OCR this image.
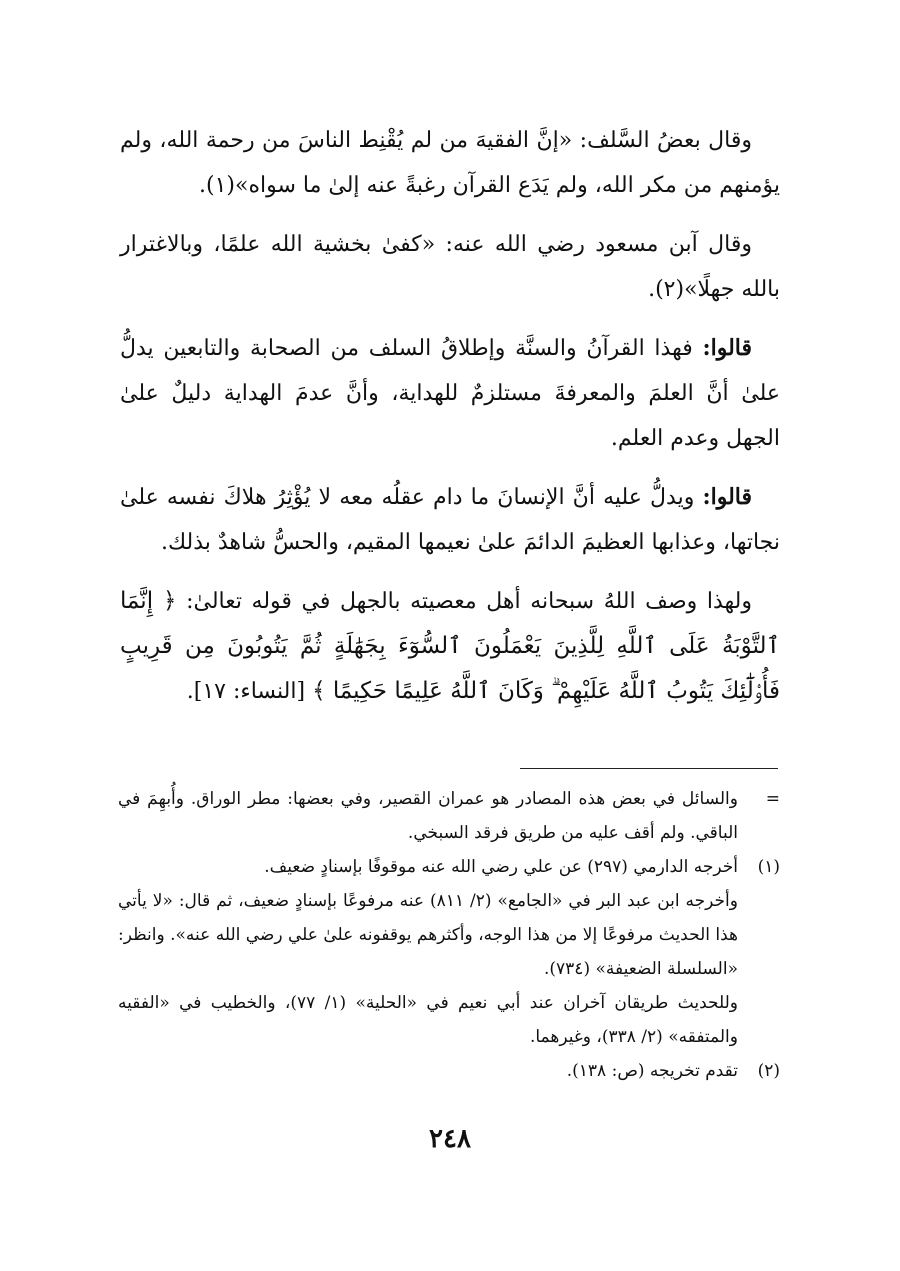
وقال بعضُ السَّلف: «إنَّ الفقيهَ من لم يُقْنِط الناسَ من رحمة الله، ولم يؤمنهم من مكر الله، ولم يَدَع القرآن رغبةً عنه إلىٰ ما سواه»(١).

وقال آبن مسعود رضي الله عنه: «كفىٰ بخشية الله علمًا، وبالاغترار بالله جهلًا»(٢).

قالوا: فهذا القرآنُ والسنَّة وإطلاقُ السلف من الصحابة والتابعين يدلُّ علىٰ أنَّ العلمَ والمعرفةَ مستلزمٌ للهداية، وأنَّ عدمَ الهداية دليلٌ علىٰ الجهل وعدم العلم.

قالوا: ويدلُّ عليه أنَّ الإنسانَ ما دام عقلُه معه لا يُؤْثِرُ هلاكَ نفسه علىٰ نجاتها، وعذابها العظيمَ الدائمَ علىٰ نعيمها المقيم، والحسُّ شاهدٌ بذلك.

ولهذا وصف اللهُ سبحانه أهل معصيته بالجهل في قوله تعالىٰ: ﴿ إِنَّمَا ٱلتَّوْبَةُ عَلَى ٱللَّهِ لِلَّذِينَ يَعْمَلُونَ ٱلسُّوٓءَ بِجَهَٰلَةٍ ثُمَّ يَتُوبُونَ مِن قَرِيبٍ فَأُو۟لَٰٓئِكَ يَتُوبُ ٱللَّهُ عَلَيْهِمْ ۗ وَكَانَ ٱللَّهُ عَلِيمًا حَكِيمًا ﴾ [النساء: ١٧].

=
والسائل في بعض هذه المصادر هو عمران القصير، وفي بعضها: مطر الوراق. وأُبهِمَ في الباقي. ولم أقف عليه من طريق فرقد السبخي.
(١)
أخرجه الدارمي (٢٩٧) عن علي رضي الله عنه موقوفًا بإسنادٍ ضعيف.
وأخرجه ابن عبد البر في «الجامع» (٢/ ٨١١) عنه مرفوعًا بإسنادٍ ضعيف، ثم قال: «لا يأتي هذا الحديث مرفوعًا إلا من هذا الوجه، وأكثرهم يوقفونه علىٰ علي رضي الله عنه». وانظر: «السلسلة الضعيفة» (٧٣٤).
وللحديث طريقان آخران عند أبي نعيم في «الحلية» (١/ ٧٧)، والخطيب في «الفقيه والمتفقه» (٢/ ٣٣٨)، وغيرهما.
(٢)
تقدم تخريجه (ص: ١٣٨).
٢٤٨
